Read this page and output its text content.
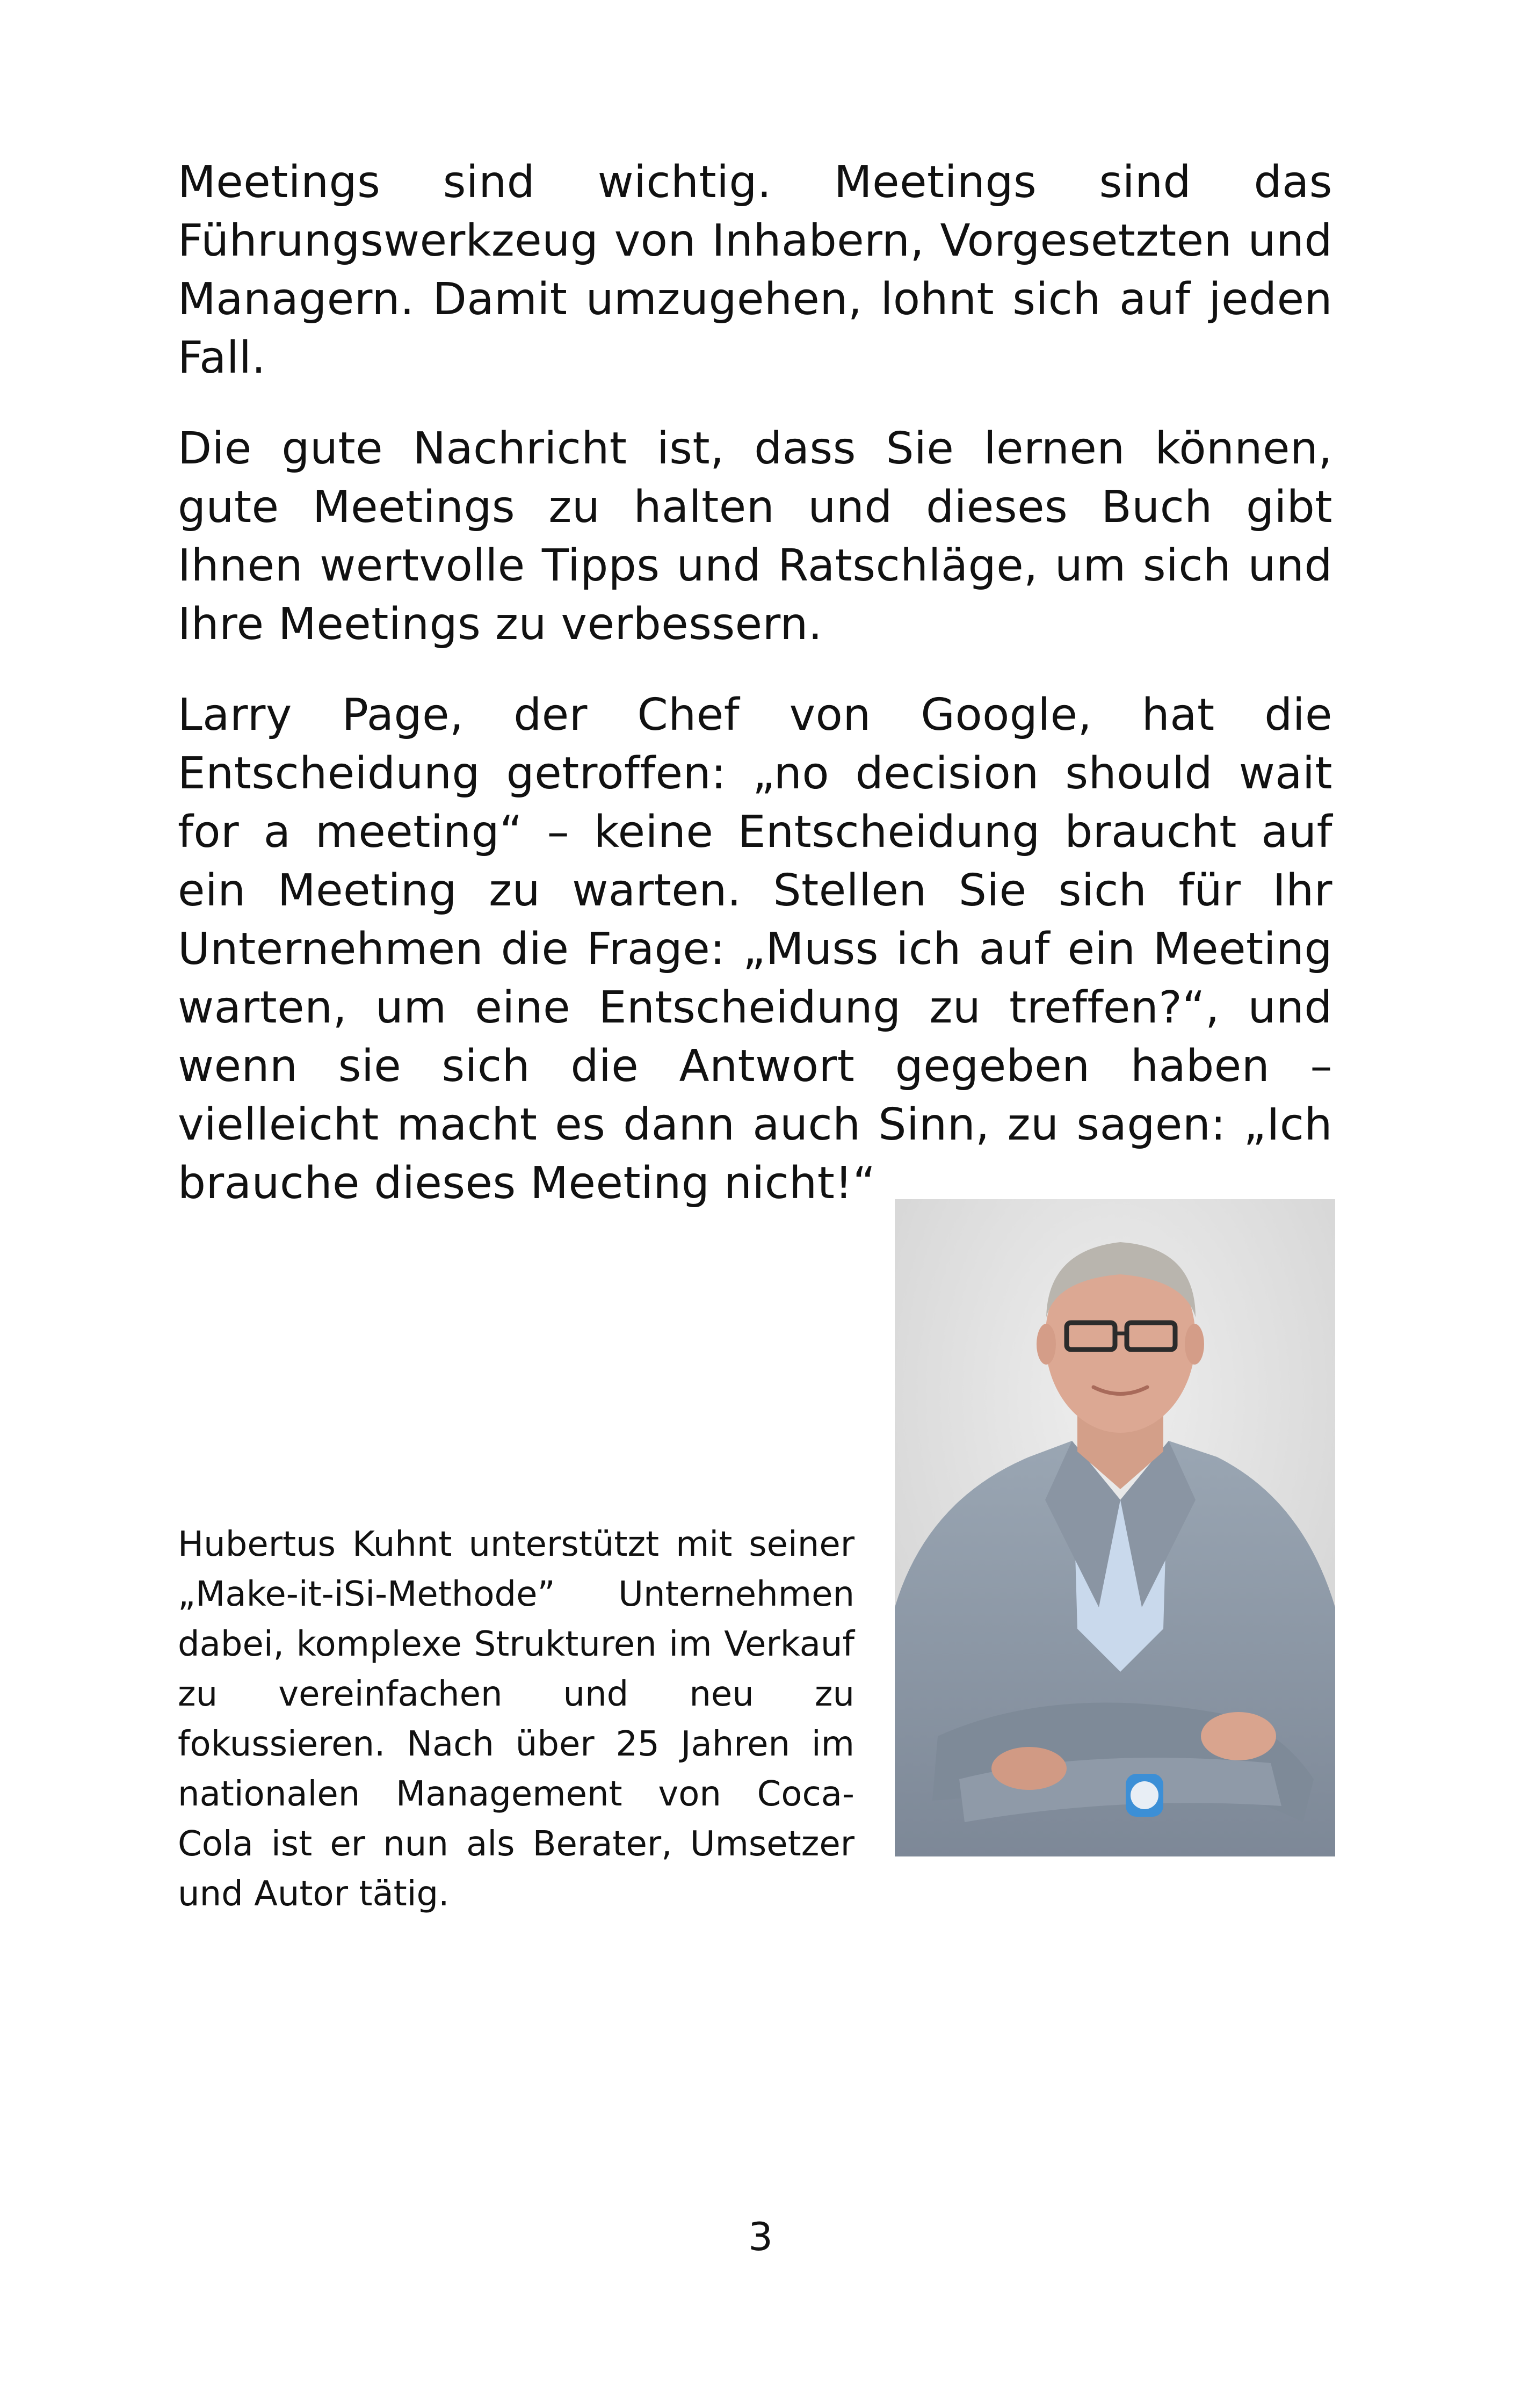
Meetings sind wichtig. Meetings sind das Führungswerkzeug von Inhabern, Vorgesetzten und Managern. Damit umzugehen, lohnt sich auf jeden Fall.

Die gute Nachricht ist, dass Sie lernen können, gute Meetings zu halten und dieses Buch gibt Ihnen wertvolle Tipps und Ratschläge, um sich und Ihre Meetings zu verbessern.

Larry Page, der Chef von Google, hat die Entscheidung getroffen: „no decision should wait for a meeting“ – keine Entscheidung braucht auf ein Meeting zu warten. Stellen Sie sich für Ihr Unternehmen die Frage: „Muss ich auf ein Meeting warten, um eine Entscheidung zu treffen?“, und wenn sie sich die Antwort gegeben haben – vielleicht macht es dann auch Sinn, zu sagen: „Ich brauche dieses Meeting nicht!“

Hubertus Kuhnt unterstützt mit seiner „Make-it-iSi-Methode” Unternehmen dabei, komplexe Strukturen im Verkauf zu vereinfachen und neu zu fokussieren. Nach über 25 Jahren im nationalen Management von Coca-Cola ist er nun als Berater, Umsetzer und Autor tätig.

3
